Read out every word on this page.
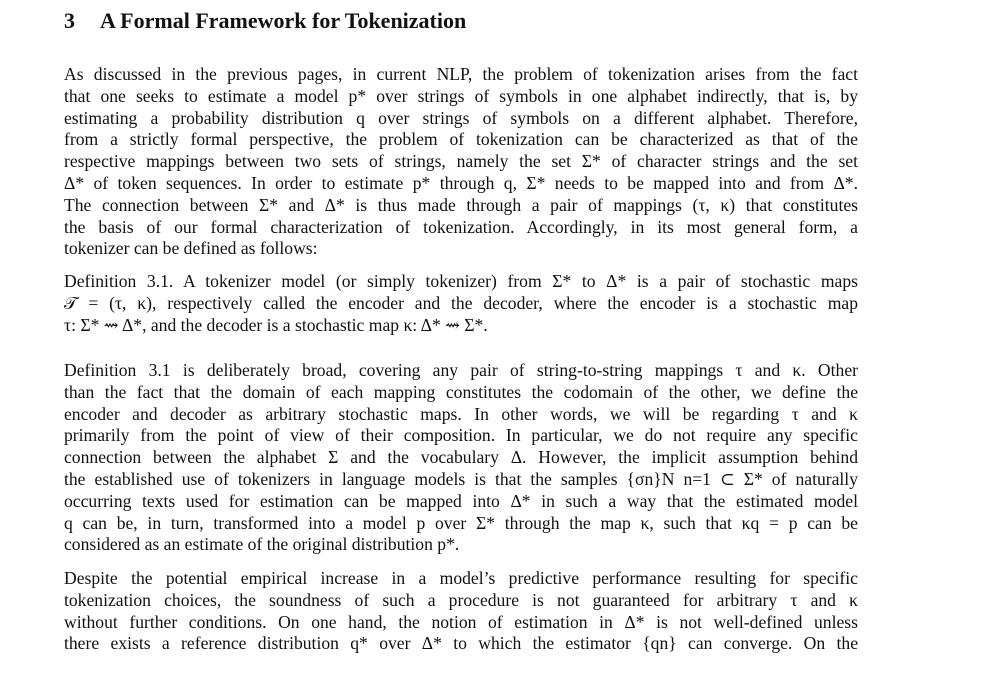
3 A Formal Framework for Tokenization
As discussed in the previous pages, in current NLP, the problem of tokenization arises from the fact
that one seeks to estimate a model p* over strings of symbols in one alphabet indirectly, that is, by
estimating a probability distribution q over strings of symbols on a different alphabet. Therefore,
from a strictly formal perspective, the problem of tokenization can be characterized as that of the
respective mappings between two sets of strings, namely the set Σ* of character strings and the set
Δ* of token sequences. In order to estimate p* through q, Σ* needs to be mapped into and from Δ*.
The connection between Σ* and Δ* is thus made through a pair of mappings (τ, κ) that constitutes
the basis of our formal characterization of tokenization. Accordingly, in its most general form, a
tokenizer can be defined as follows:
Definition 3.1. A tokenizer model (or simply tokenizer) from Σ* to Δ* is a pair of stochastic maps
𝒯 = (τ, κ), respectively called the encoder and the decoder, where the encoder is a stochastic map
τ: Σ* ⇝ Δ*, and the decoder is a stochastic map κ: Δ* ⇝ Σ*.
Definition 3.1 is deliberately broad, covering any pair of string-to-string mappings τ and κ. Other
than the fact that the domain of each mapping constitutes the codomain of the other, we define the
encoder and decoder as arbitrary stochastic maps. In other words, we will be regarding τ and κ
primarily from the point of view of their composition. In particular, we do not require any specific
connection between the alphabet Σ and the vocabulary Δ. However, the implicit assumption behind
the established use of tokenizers in language models is that the samples {σn}N n=1 ⊂ Σ* of naturally
occurring texts used for estimation can be mapped into Δ* in such a way that the estimated model
q can be, in turn, transformed into a model p over Σ* through the map κ, such that κq = p can be
considered as an estimate of the original distribution p*.
Despite the potential empirical increase in a model’s predictive performance resulting for specific
tokenization choices, the soundness of such a procedure is not guaranteed for arbitrary τ and κ
without further conditions. On one hand, the notion of estimation in Δ* is not well-defined unless
there exists a reference distribution q* over Δ* to which the estimator {qn} can converge. On the
